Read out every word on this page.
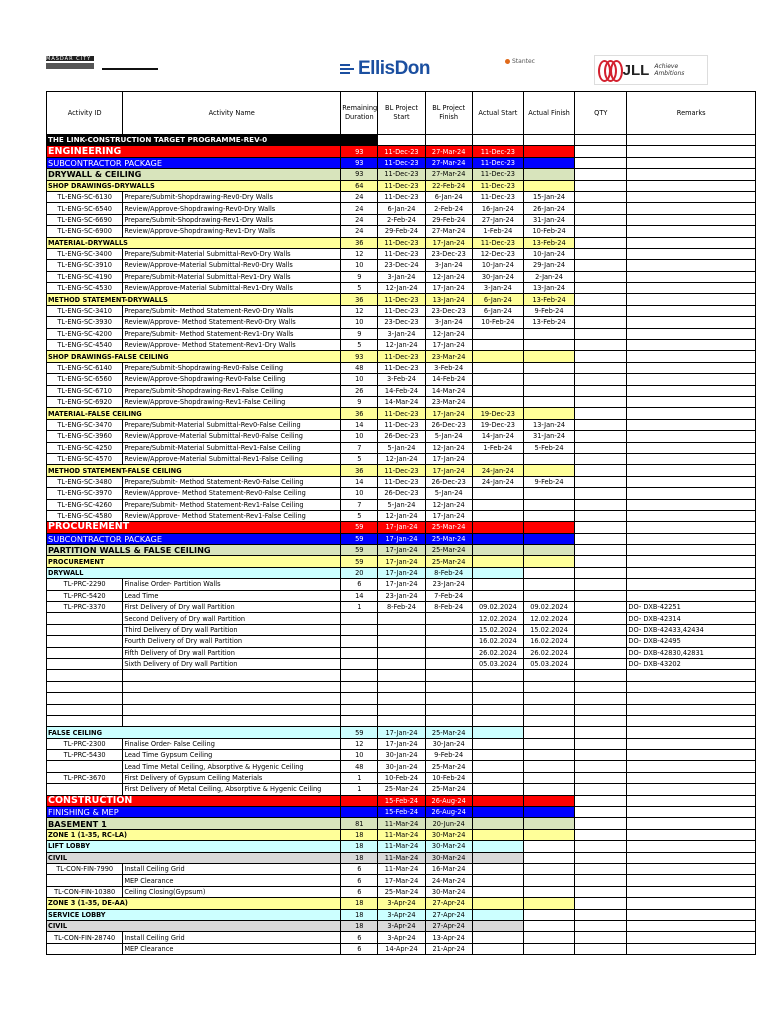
MASDAR CITY	EllisDon	Stantec	JLL Achieve Ambitions
Activity ID	Activity Name	Remaining Duration	BL Project Start	BL Project Finish	Actual Start	Actual Finish	QTY	Remarks
THE LINK-CONSTRUCTION TARGET PROGRAMME-REV-0								
ENGINEERING		93	11-Dec-23	27-Mar-24	11-Dec-23			
SUBCONTRACTOR PACKAGE		93	11-Dec-23	27-Mar-24	11-Dec-23			
DRYWALL & CEILING		93	11-Dec-23	27-Mar-24	11-Dec-23			
SHOP DRAWINGS-DRYWALLS		64	11-Dec-23	22-Feb-24	11-Dec-23			
TL-ENG-SC-6130	Prepare/Submit-Shopdrawing-Rev0-Dry Walls	24	11-Dec-23	6-Jan-24	11-Dec-23	15-Jan-24		
TL-ENG-SC-6540	Review/Approve-Shopdrawing-Rev0-Dry Walls	24	6-Jan-24	2-Feb-24	16-Jan-24	26-Jan-24		
TL-ENG-SC-6690	Prepare/Submit-Shopdrawing-Rev1-Dry Walls	24	2-Feb-24	29-Feb-24	27-Jan-24	31-Jan-24		
TL-ENG-SC-6900	Review/Approve-Shopdrawing-Rev1-Dry Walls	24	29-Feb-24	27-Mar-24	1-Feb-24	10-Feb-24		
MATERIAL-DRYWALLS		36	11-Dec-23	17-Jan-24	11-Dec-23	13-Feb-24		
TL-ENG-SC-3400	Prepare/Submit-Material Submittal-Rev0-Dry Walls	12	11-Dec-23	23-Dec-23	12-Dec-23	10-Jan-24		
TL-ENG-SC-3910	Review/Approve-Material Submittal-Rev0-Dry Walls	10	23-Dec-24	3-Jan-24	10-Jan-24	29-Jan-24		
TL-ENG-SC-4190	Prepare/Submit-Material Submittal-Rev1-Dry Walls	9	3-Jan-24	12-Jan-24	30-Jan-24	2-Jan-24		
TL-ENG-SC-4530	Review/Approve-Material Submittal-Rev1-Dry Walls	5	12-Jan-24	17-Jan-24	3-Jan-24	13-Jan-24		
METHOD STATEMENT-DRYWALLS		36	11-Dec-23	13-Jan-24	6-Jan-24	13-Feb-24		
TL-ENG-SC-3410	Prepare/Submit- Method Statement-Rev0-Dry Walls	12	11-Dec-23	23-Dec-23	6-Jan-24	9-Feb-24		
TL-ENG-SC-3930	Review/Approve- Method Statement-Rev0-Dry Walls	10	23-Dec-23	3-Jan-24	10-Feb-24	13-Feb-24		
TL-ENG-SC-4200	Prepare/Submit- Method Statement-Rev1-Dry Walls	9	3-Jan-24	12-Jan-24				
TL-ENG-SC-4540	Review/Approve- Method Statement-Rev1-Dry Walls	5	12-Jan-24	17-Jan-24				
SHOP DRAWINGS-FALSE CEILING		93	11-Dec-23	23-Mar-24				
TL-ENG-SC-6140	Prepare/Submit-Shopdrawing-Rev0-False Ceiling	48	11-Dec-23	3-Feb-24				
TL-ENG-SC-6560	Review/Approve-Shopdrawing-Rev0-False Ceiling	10	3-Feb-24	14-Feb-24				
TL-ENG-SC-6710	Prepare/Submit-Shopdrawing-Rev1-False Ceiling	26	14-Feb-24	14-Mar-24				
TL-ENG-SC-6920	Review/Approve-Shopdrawing-Rev1-False Ceiling	9	14-Mar-24	23-Mar-24				
MATERIAL-FALSE CEILING		36	11-Dec-23	17-Jan-24	19-Dec-23			
TL-ENG-SC-3470	Prepare/Submit-Material Submittal-Rev0-False Ceiling	14	11-Dec-23	26-Dec-23	19-Dec-23	13-Jan-24		
TL-ENG-SC-3960	Review/Approve-Material Submittal-Rev0-False Ceiling	10	26-Dec-23	5-Jan-24	14-Jan-24	31-Jan-24		
TL-ENG-SC-4250	Prepare/Submit-Material Submittal-Rev1-False Ceiling	7	5-Jan-24	12-Jan-24	1-Feb-24	5-Feb-24		
TL-ENG-SC-4570	Review/Approve-Material Submittal-Rev1-False Ceiling	5	12-Jan-24	17-Jan-24				
METHOD STATEMENT-FALSE CEILING		36	11-Dec-23	17-Jan-24	24-Jan-24			
TL-ENG-SC-3480	Prepare/Submit- Method Statement-Rev0-False Ceiling	14	11-Dec-23	26-Dec-23	24-Jan-24	9-Feb-24		
TL-ENG-SC-3970	Review/Approve- Method Statement-Rev0-False Ceiling	10	26-Dec-23	5-Jan-24				
TL-ENG-SC-4260	Prepare/Submit- Method Statement-Rev1-False Ceiling	7	5-Jan-24	12-Jan-24				
TL-ENG-SC-4580	Review/Approve- Method Statement-Rev1-False Ceiling	5	12-Jan-24	17-Jan-24				
PROCUREMENT		59	17-Jan-24	25-Mar-24				
SUBCONTRACTOR PACKAGE		59	17-Jan-24	25-Mar-24				
PARTITION WALLS & FALSE CEILING		59	17-Jan-24	25-Mar-24				
PROCUREMENT		59	17-Jan-24	25-Mar-24				
DRYWALL		20	17-Jan-24	8-Feb-24				
TL-PRC-2290	Finalise Order- Partition Walls	6	17-Jan-24	23-Jan-24				
TL-PRC-5420	Lead Time	14	23-Jan-24	7-Feb-24				
TL-PRC-3370	First Delivery of Dry wall Partition	1	8-Feb-24	8-Feb-24	09.02.2024	09.02.2024		DO- DXB-42251
	Second Delivery of Dry wall Partition				12.02.2024	12.02.2024		DO- DXB-42314
	Third Delivery of Dry wall Partition				15.02.2024	15.02.2024		DO- DXB-42433,42434
	Fourth Delivery of Dry wall Partition				16.02.2024	16.02.2024		DO- DXB-42495
	Fifth Delivery of Dry wall Partition				26.02.2024	26.02.2024		DO- DXB-42830,42831
	Sixth Delivery of Dry wall Partition				05.03.2024	05.03.2024		DO- DXB-43202

FALSE CEILING		59	17-Jan-24	25-Mar-24				
TL-PRC-2300	Finalise Order- False Ceiling	12	17-Jan-24	30-Jan-24				
TL-PRC-5430	Lead Time Gypsum Ceiling	10	30-Jan-24	9-Feb-24				
	Lead Time Metal Ceiling, Absorptive & Hygenic Ceiling	48	30-Jan-24	25-Mar-24				
TL-PRC-3670	First Delivery of Gypsum Ceiling Materials	1	10-Feb-24	10-Feb-24				
	First Delivery of Metal Ceiling, Absorptive & Hygenic Ceiling	1	25-Mar-24	25-Mar-24				
CONSTRUCTION			15-Feb-24	26-Aug-24				
FINISHING & MEP			15-Feb-24	26-Aug-24				
BASEMENT 1		81	11-Mar-24	20-Jun-24				
ZONE 1 (1-35, RC-LA)		18	11-Mar-24	30-Mar-24				
LIFT LOBBY		18	11-Mar-24	30-Mar-24				
CIVIL		18	11-Mar-24	30-Mar-24				
TL-CON-FIN-7990	Install Ceiling Grid	6	11-Mar-24	16-Mar-24				
	MEP Clearance	6	17-Mar-24	24-Mar-24				
TL-CON-FIN-10380	Ceiling Closing(Gypsum)	6	25-Mar-24	30-Mar-24				
ZONE 3 (1-35, DE-AA)		18	3-Apr-24	27-Apr-24				
SERVICE LOBBY		18	3-Apr-24	27-Apr-24				
CIVIL		18	3-Apr-24	27-Apr-24				
TL-CON-FIN-28740	Install Ceiling Grid	6	3-Apr-24	13-Apr-24				
	MEP Clearance	6	14-Apr-24	21-Apr-24				
